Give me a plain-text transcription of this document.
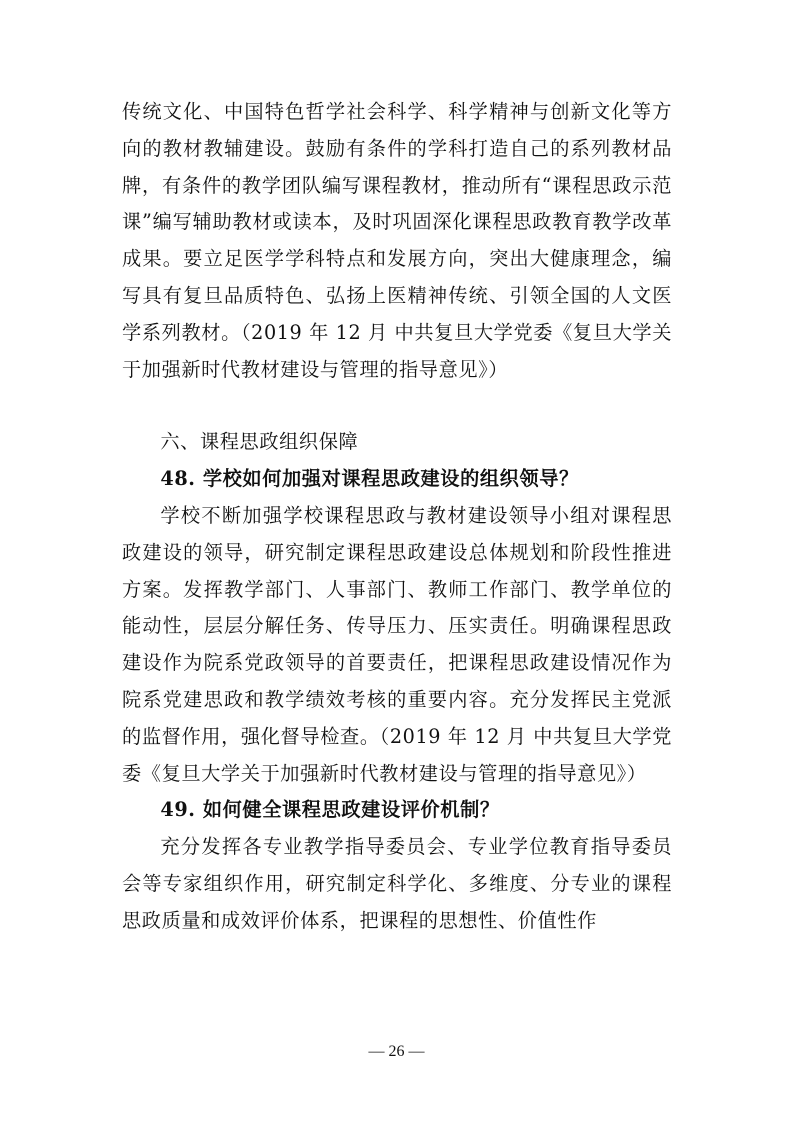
传统文化、中国特色哲学社会科学、科学精神与创新文化等方向的教材教辅建设。鼓励有条件的学科打造自己的系列教材品牌，有条件的教学团队编写课程教材，推动所有“课程思政示范课”编写辅助教材或读本，及时巩固深化课程思政教育教学改革成果。要立足医学学科特点和发展方向，突出大健康理念，编写具有复旦品质特色、弘扬上医精神传统、引领全国的人文医学系列教材。（2019 年 12 月 中共复旦大学党委《复旦大学关于加强新时代教材建设与管理的指导意见》）

六、课程思政组织保障

48. 学校如何加强对课程思政建设的组织领导？

学校不断加强学校课程思政与教材建设领导小组对课程思政建设的领导，研究制定课程思政建设总体规划和阶段性推进方案。发挥教学部门、人事部门、教师工作部门、教学单位的能动性，层层分解任务、传导压力、压实责任。明确课程思政建设作为院系党政领导的首要责任，把课程思政建设情况作为院系党建思政和教学绩效考核的重要内容。充分发挥民主党派的监督作用，强化督导检查。（2019 年 12 月 中共复旦大学党委《复旦大学关于加强新时代教材建设与管理的指导意见》）

49. 如何健全课程思政建设评价机制？

充分发挥各专业教学指导委员会、专业学位教育指导委员会等专家组织作用，研究制定科学化、多维度、分专业的课程思政质量和成效评价体系，把课程的思想性、价值性作

— 26 —
